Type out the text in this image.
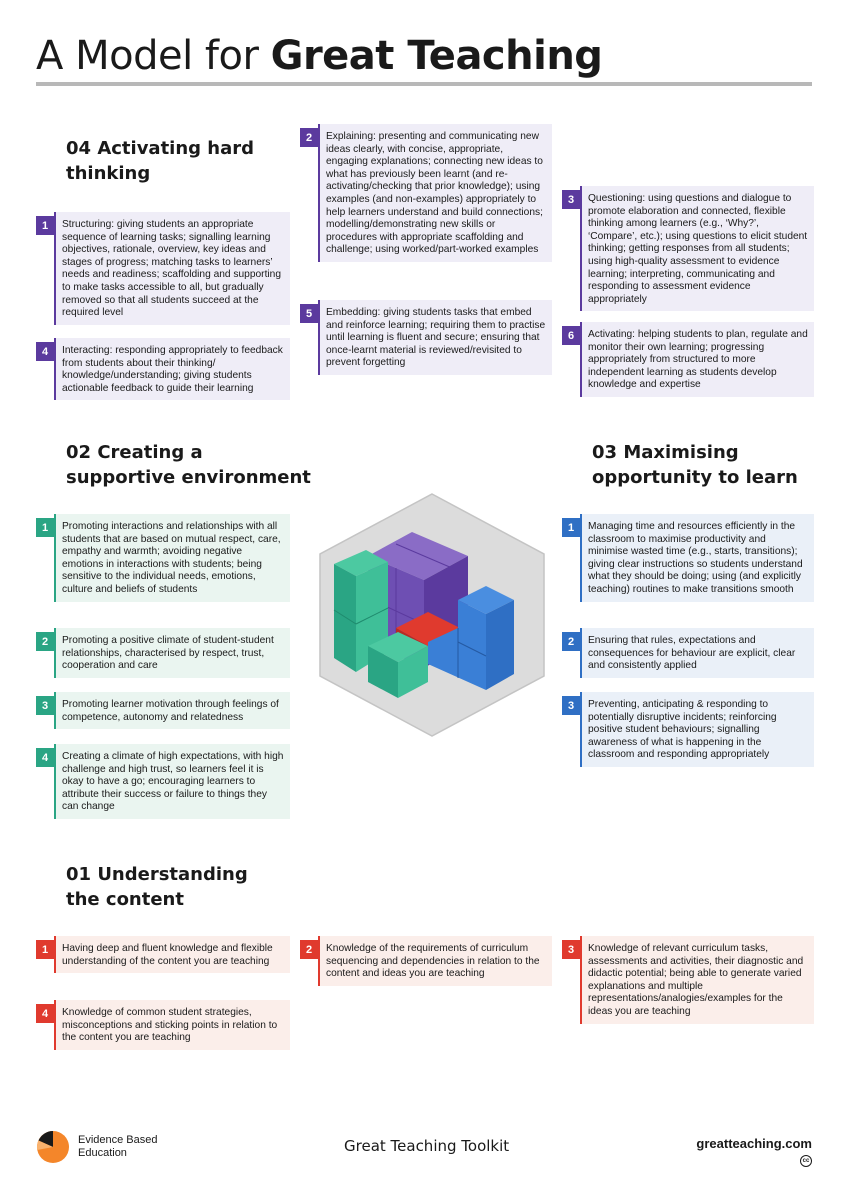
A Model for Great Teaching
04 Activating hard
thinking
1	Structuring: giving students an appropriate sequence of learning tasks; signalling learning objectives, rationale, overview, key ideas and stages of progress; matching tasks to learners’ needs and readiness; scaffolding and supporting to make tasks accessible to all, but gradually removed so that all students succeed at the required level
4	Interacting: responding appropriately to feedback from students about their thinking/ knowledge/understanding; giving students actionable feedback to guide their learning
2	Explaining: presenting and communicating new ideas clearly, with concise, appropriate, engaging explanations; connecting new ideas to what has previously been learnt (and re-activating/checking that prior knowledge); using examples (and non-examples) appropriately to help learners understand and build connections; modelling/demonstrating new skills or procedures with appropriate scaffolding and challenge; using worked/part-worked examples
5	Embedding: giving students tasks that embed and reinforce learning; requiring them to practise until learning is fluent and secure; ensuring that once-learnt material is reviewed/revisited to prevent forgetting
3	Questioning: using questions and dialogue to promote elaboration and connected, flexible thinking among learners (e.g., ‘Why?’, ‘Compare’, etc.); using questions to elicit student thinking; getting responses from all students; using high-quality assessment to evidence learning; interpreting, communicating and responding to assessment evidence appropriately
6	Activating: helping students to plan, regulate and monitor their own learning; progressing appropriately from structured to more independent learning as students develop knowledge and expertise
02 Creating a
supportive environment
1	Promoting interactions and relationships with all students that are based on mutual respect, care, empathy and warmth; avoiding negative emotions in interactions with students; being sensitive to the individual needs, emotions, culture and beliefs of students
2	Promoting a positive climate of student-student relationships, characterised by respect, trust, cooperation and care
3	Promoting learner motivation through feelings of competence, autonomy and relatedness
4	Creating a climate of high expectations, with high challenge and high trust, so learners feel it is okay to have a go; encouraging learners to attribute their success or failure to things they can change
03 Maximising
opportunity to learn
1	Managing time and resources efficiently in the classroom to maximise productivity and minimise wasted time (e.g., starts, transitions); giving clear instructions so students understand what they should be doing; using (and explicitly teaching) routines to make transitions smooth
2	Ensuring that rules, expectations and consequences for behaviour are explicit, clear and consistently applied
3	Preventing, anticipating & responding to potentially disruptive incidents; reinforcing positive student behaviours; signalling awareness of what is happening in the classroom and responding appropriately
01 Understanding
the content
1	Having deep and fluent knowledge and flexible understanding of the content you are teaching
4	Knowledge of common student strategies, misconceptions and sticking points in relation to the content you are teaching
2	Knowledge of the requirements of curriculum sequencing and dependencies in relation to the content and ideas you are teaching
3	Knowledge of relevant curriculum tasks, assessments and activities, their diagnostic and didactic potential; being able to generate varied explanations and multiple representations/analogies/examples for the ideas you are teaching
Evidence Based
Education	Great Teaching Toolkit	greatteaching.com
cc
